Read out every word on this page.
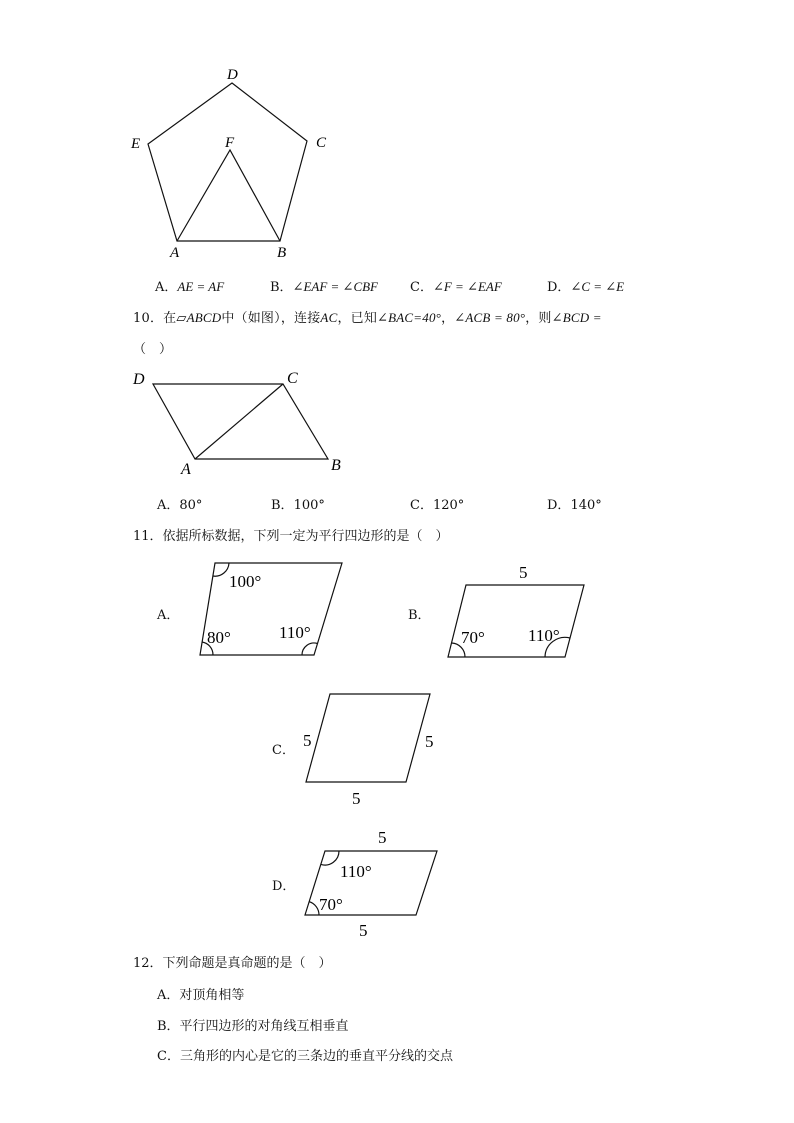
D
E	F	C
A	B
A．AE = AF	B．∠EAF = ∠CBF C．∠F = ∠EAF	D．∠C = ∠E
10．在▱ABCD中（如图），连接AC，已知∠BAC=40°，∠ACB = 80°，则∠BCD =
（　）
D	C
A	B
A．80°	B．100°	C．120°	D．140°
11．依据所标数据，下列一定为平行四边形的是（　）
A．
100°
80°	110°
B．
5
70°	110°
C．
5	5
5
D．
5
110°
70°
5
12．下列命题是真命题的是（　）
A．对顶角相等
B．平行四边形的对角线互相垂直
C．三角形的内心是它的三条边的垂直平分线的交点
